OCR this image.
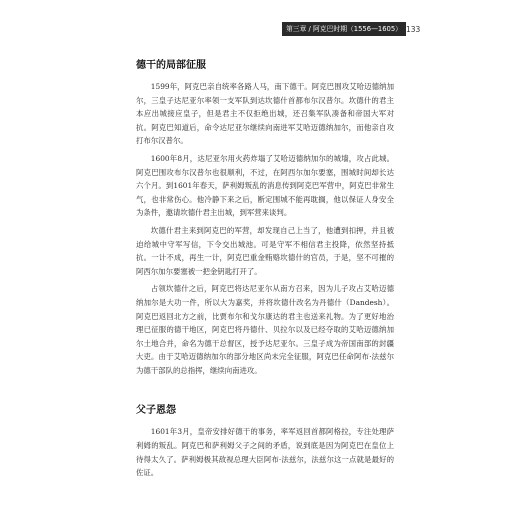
第三章 / 阿克巴时期（1556—1605） 133
德干的局部征服

1599年，阿克巴亲自统率各路人马，南下德干。阿克巴围攻艾哈迈德纳加尔，三皇子达尼亚尔率领一支军队到达坎德什首都布尔汉普尔。坎德什的君主本应出城接应皇子，但是君主不仅拒绝出城，还召集军队凑备和帝国大军对抗。阿克巴知道后，命令达尼亚尔继续向南进军艾哈迈德纳加尔，而他亲自攻打布尔汉普尔。

1600年8月，达尼亚尔用火药炸塌了艾哈迈德纳加尔的城墙，攻占此城。阿克巴围攻布尔汉普尔也很顺利，不过，在阿西尔加尔要塞，围城时间却长达六个月。到1601年春天，萨利姆叛乱的消息传到阿克巴军营中，阿克巴非常生气，也非常伤心。他冷静下来之后，断定围城不能再耽搁，他以保证人身安全为条件，邀请坎德什君主出城，到军营来谈判。

坎德什君主来到阿克巴的军营，却发现自己上当了，他遭到扣押，并且被迫给城中守军写信，下令交出城池。可是守军不相信君主投降，依然坚持抵抗。一计不成，再生一计，阿克巴重金贿赂坎德什的官员，于是，坚不可摧的阿西尔加尔要塞被一把金钥匙打开了。

占领坎德什之后，阿克巴将达尼亚尔从南方召来，因为儿子攻占艾哈迈德纳加尔是大功一件，所以大为嘉奖，并将坎德什改名为丹德什（Dandesh）。阿克巴返回北方之前，比贾布尔和戈尔康达的君主也送来礼物。为了更好地治理已征服的德干地区，阿克巴将丹德什、贝拉尔以及已经夺取的艾哈迈德纳加尔土地合并，命名为德干总督区，授予达尼亚尔。三皇子成为帝国南部的封疆大吏。由于艾哈迈德纳加尔的部分地区尚未完全征服，阿克巴任命阿布·法兹尔为德干部队的总指挥，继续向南进攻。

父子恩怨

1601年3月，皇帝安排好德干的事务，率军返回首都阿格拉，专注处理萨利姆的叛乱。阿克巴和萨利姆父子之间的矛盾，说到底是因为阿克巴在皇位上待得太久了。萨利姆极其敌视总理大臣阿布·法兹尔，法兹尔这一点就是最好的佐证。
